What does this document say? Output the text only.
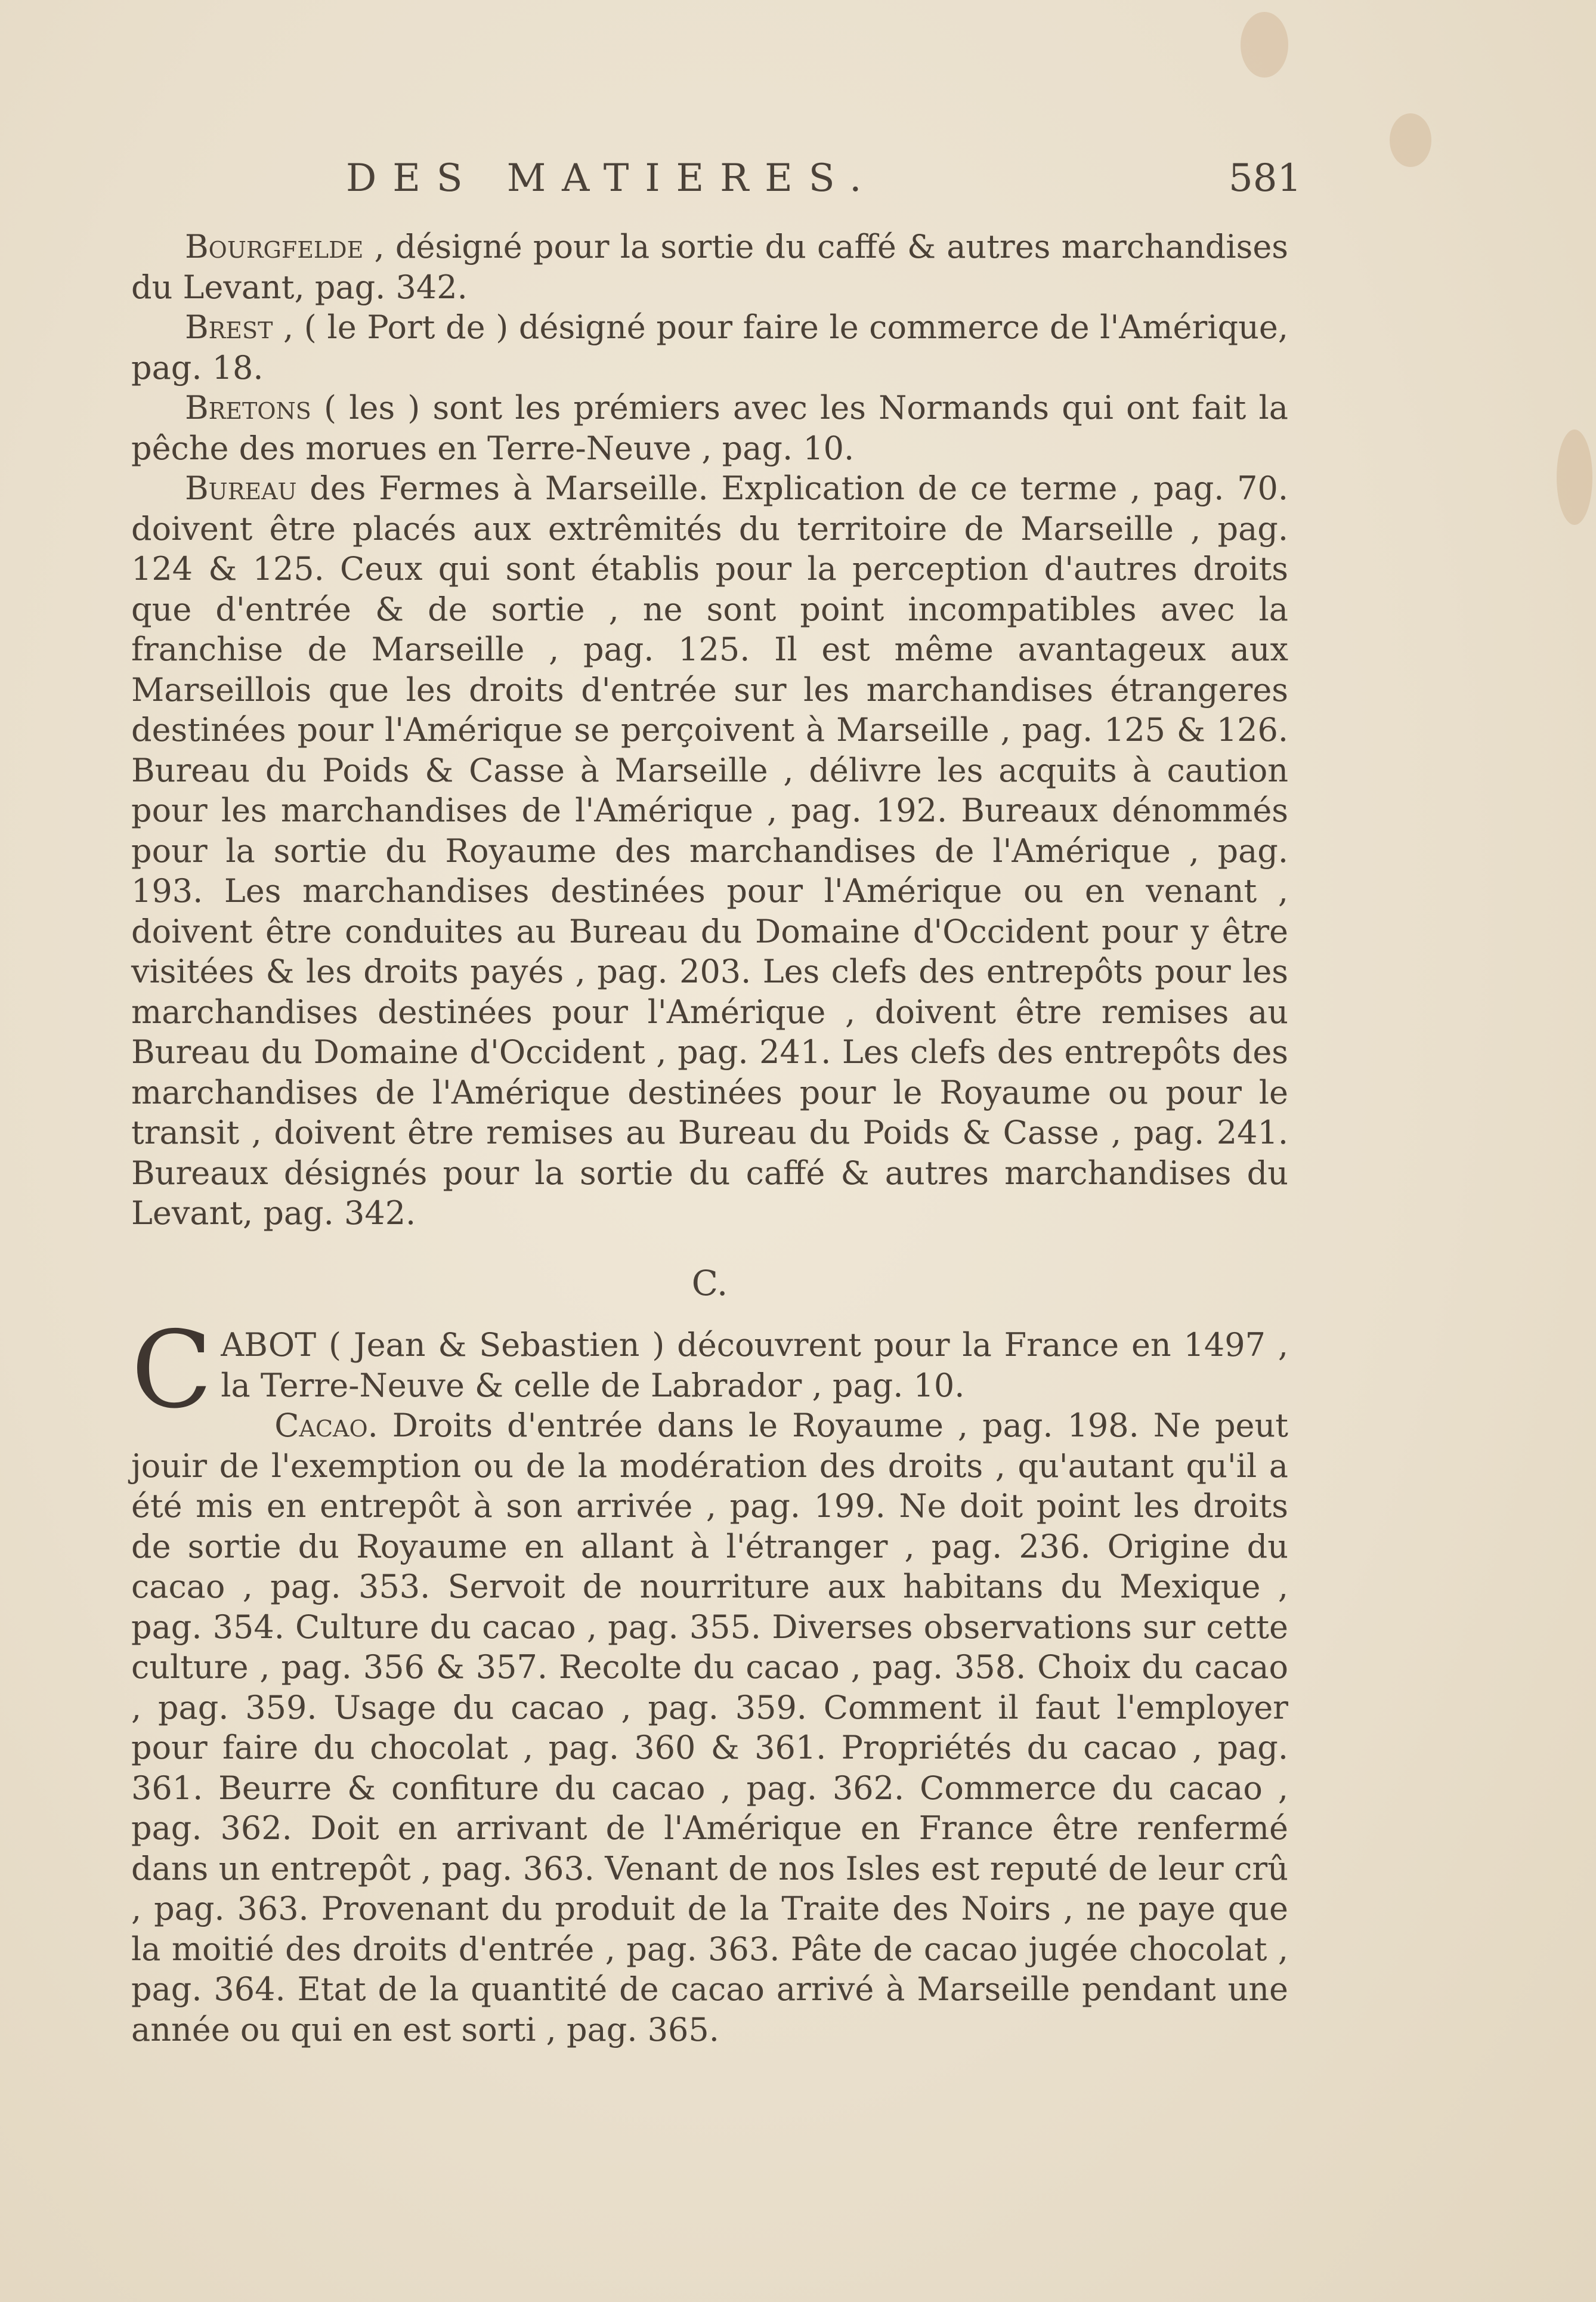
DES MATIERES.	581

Bourgfelde , désigné pour la sortie du caffé & autres marchandises du Levant, pag. 342.

Brest , ( le Port de ) désigné pour faire le commerce de l'Amérique, pag. 18.

Bretons ( les ) sont les prémiers avec les Normands qui ont fait la pêche des morues en Terre-Neuve , pag. 10.

Bureau des Fermes à Marseille. Explication de ce terme , pag. 70. doivent être placés aux extrêmités du territoire de Marseille , pag. 124 & 125. Ceux qui sont établis pour la perception d'autres droits que d'entrée & de sortie , ne sont point incompatibles avec la franchise de Marseille , pag. 125. Il est même avantageux aux Marseillois que les droits d'entrée sur les marchandises étrangeres destinées pour l'Amérique se perçoivent à Marseille , pag. 125 & 126. Bureau du Poids & Casse à Marseille , délivre les acquits à caution pour les marchandises de l'Amérique , pag. 192. Bureaux dénommés pour la sortie du Royaume des marchandises de l'Amérique , pag. 193. Les marchandises destinées pour l'Amérique ou en venant , doivent être conduites au Bureau du Domaine d'Occident pour y être visitées & les droits payés , pag. 203. Les clefs des entrepôts pour les marchandises destinées pour l'Amérique , doivent être remises au Bureau du Domaine d'Occident , pag. 241. Les clefs des entrepôts des marchandises de l'Amérique destinées pour le Royaume ou pour le transit , doivent être remises au Bureau du Poids & Casse , pag. 241. Bureaux désignés pour la sortie du caffé & autres marchandises du Levant, pag. 342.

C.

CABOT ( Jean & Sebastien ) découvrent pour la France en 1497 , la Terre-Neuve & celle de Labrador , pag. 10.

Cacao. Droits d'entrée dans le Royaume , pag. 198. Ne peut jouir de l'exemption ou de la modération des droits , qu'autant qu'il a été mis en entrepôt à son arrivée , pag. 199. Ne doit point les droits de sortie du Royaume en allant à l'étranger , pag. 236. Origine du cacao , pag. 353. Servoit de nourriture aux habitans du Mexique , pag. 354. Culture du cacao , pag. 355. Diverses observations sur cette culture , pag. 356 & 357. Recolte du cacao , pag. 358. Choix du cacao , pag. 359. Usage du cacao , pag. 359. Comment il faut l'employer pour faire du chocolat , pag. 360 & 361. Propriétés du cacao , pag. 361. Beurre & confiture du cacao , pag. 362. Commerce du cacao , pag. 362. Doit en arrivant de l'Amérique en France être renfermé dans un entrepôt , pag. 363. Venant de nos Isles est reputé de leur crû , pag. 363. Provenant du produit de la Traite des Noirs , ne paye que la moitié des droits d'entrée , pag. 363. Pâte de cacao jugée chocolat , pag. 364. Etat de la quantité de cacao arrivé à Marseille pendant une année ou qui en est sorti , pag. 365.
